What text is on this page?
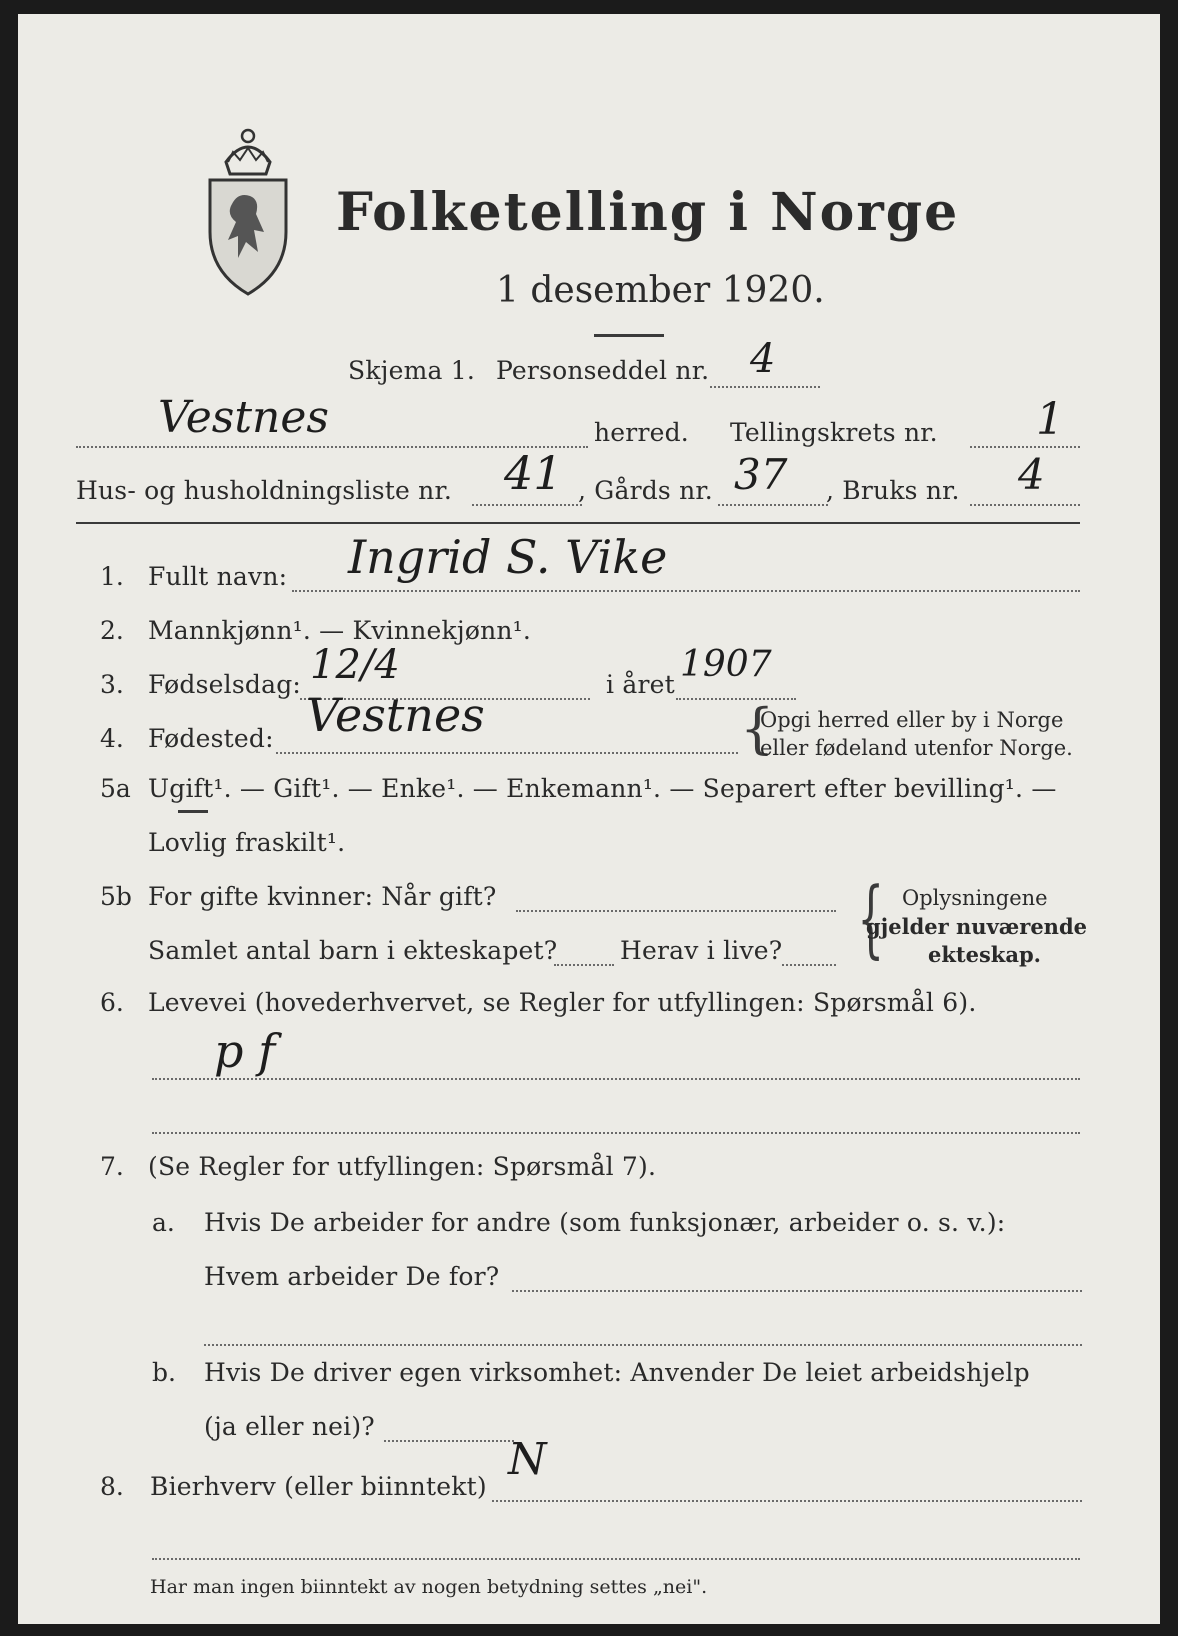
Folketelling i Norge
1 desember 1920.
Skjema 1. Personseddel nr. 4
Vestnes	herred. Tellingskrets nr. 1
Hus- og husholdningsliste nr. 41 , Gårds nr. 37 , Bruks nr. 4
1. Fullt navn: Ingrid S. Vike
2. Mannkjønn¹. — Kvinnekjønn¹.
3. Fødselsdag: 12/4	i året 1907
4. Fødested: Vestnes	{
Opgi herred eller by i Norge
eller fødeland utenfor Norge.
5a Ugift¹. — Gift¹. — Enke¹. — Enkemann¹. — Separert efter bevilling¹. —
Lovlig fraskilt¹.
5b For gifte kvinner: Når gift?
Samlet antal barn i ekteskapet?	Herav i live? { Oplysningene
gjelder nuværende
ekteskap.
6. Levevei (hovederhvervet, se Regler for utfyllingen: Spørsmål 6).
p f
7. (Se Regler for utfyllingen: Spørsmål 7).
a. Hvis De arbeider for andre (som funksjonær, arbeider o. s. v.):
Hvem arbeider De for?
b. Hvis De driver egen virksomhet: Anvender De leiet arbeidshjelp
(ja eller nei)?
8. Bierhverv (eller biinntekt)
N
Har man ingen biinntekt av nogen betydning settes „nei".
